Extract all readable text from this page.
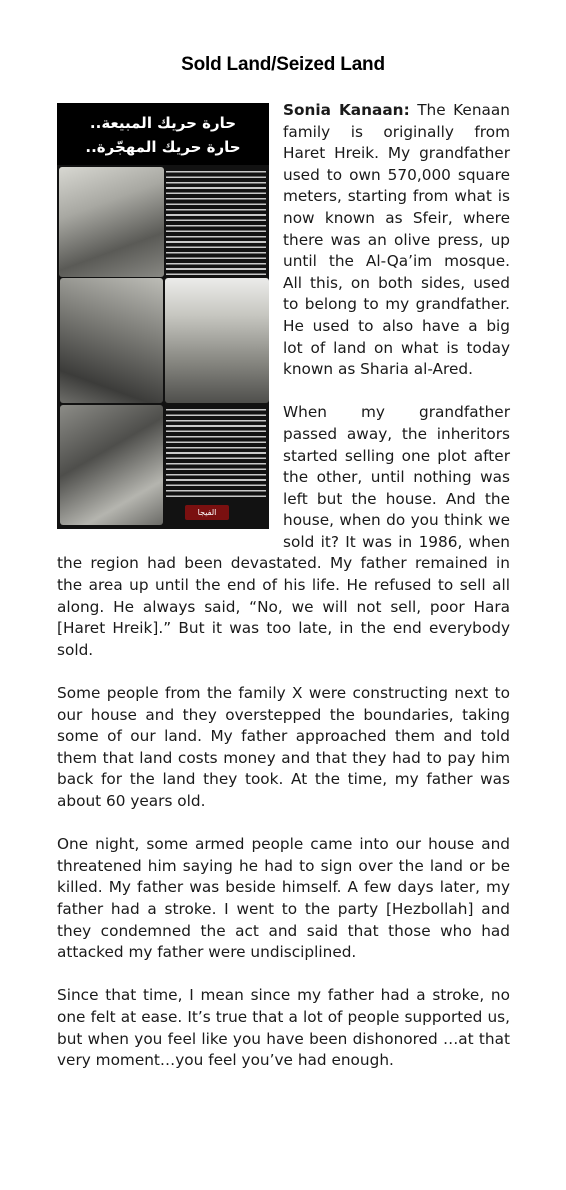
Sold Land/Seized Land
حارة حريك المبيعة..
حارة حريك المهجّرة..
الفيجا

Sonia Kanaan: The Kenaan family is originally from Haret Hreik. My grandfather used to own 570,000 square meters, starting from what is now known as Sfeir, where there was an olive press, up until the Al-Qa’im mosque. All this, on both sides, used to belong to my grandfather. He used to also have a big lot of land on what is today known as Sharia al-Ared.

When my grandfather passed away, the inheritors started selling one plot after the other, until nothing was left but the house. And the house, when do you think we sold it? It was in 1986, when the region had been devastated. My father remained in the area up until the end of his life. He refused to sell all along. He always said, “No, we will not sell, poor Hara [Haret Hreik].” But it was too late, in the end everybody sold.

Some people from the family X were constructing next to our house and they overstepped the boundaries, taking some of our land. My father approached them and told them that land costs money and that they had to pay him back for the land they took. At the time, my father was about 60 years old.

One night, some armed people came into our house and threatened him saying he had to sign over the land or be killed. My father was beside himself. A few days later, my father had a stroke. I went to the party [Hezbollah] and they condemned the act and said that those who had attacked my father were undisciplined.

Since that time, I mean since my father had a stroke, no one felt at ease. It’s true that a lot of people supported us, but when you feel like you have been dishonored …at that very moment…you feel you’ve had enough.
